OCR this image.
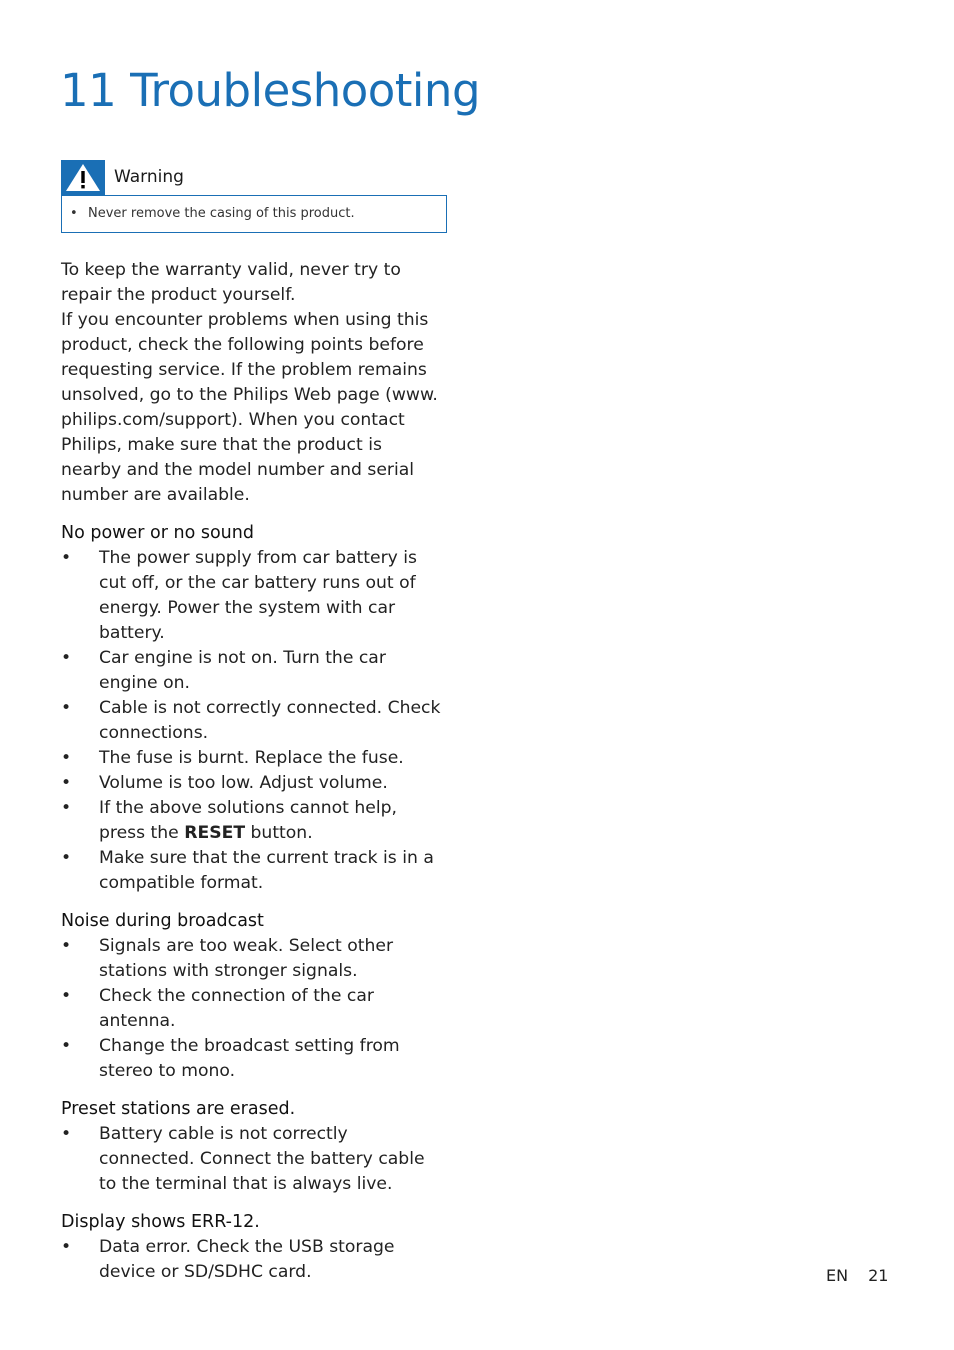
11 Troubleshooting
Warning
• Never remove the casing of this product.

To keep the warranty valid, never try to repair the product yourself.

If you encounter problems when using this product, check the following points before requesting service. If the problem remains unsolved, go to the Philips Web page (www. philips.com/support). When you contact Philips, make sure that the product is nearby and the model number and serial number are available.

No power or no sound
• The power supply from car battery is cut off, or the car battery runs out of energy. Power the system with car battery.
• Car engine is not on. Turn the car engine on.
• Cable is not correctly connected. Check connections.
• The fuse is burnt. Replace the fuse.
• Volume is too low. Adjust volume.
• If the above solutions cannot help, press the RESET button.
• Make sure that the current track is in a compatible format.
Noise during broadcast
• Signals are too weak. Select other stations with stronger signals.
• Check the connection of the car antenna.
• Change the broadcast setting from stereo to mono.
Preset stations are erased.
• Battery cable is not correctly connected. Connect the battery cable to the terminal that is always live.
Display shows ERR-12.
• Data error. Check the USB storage device or SD/SDHC card.	EN 21
